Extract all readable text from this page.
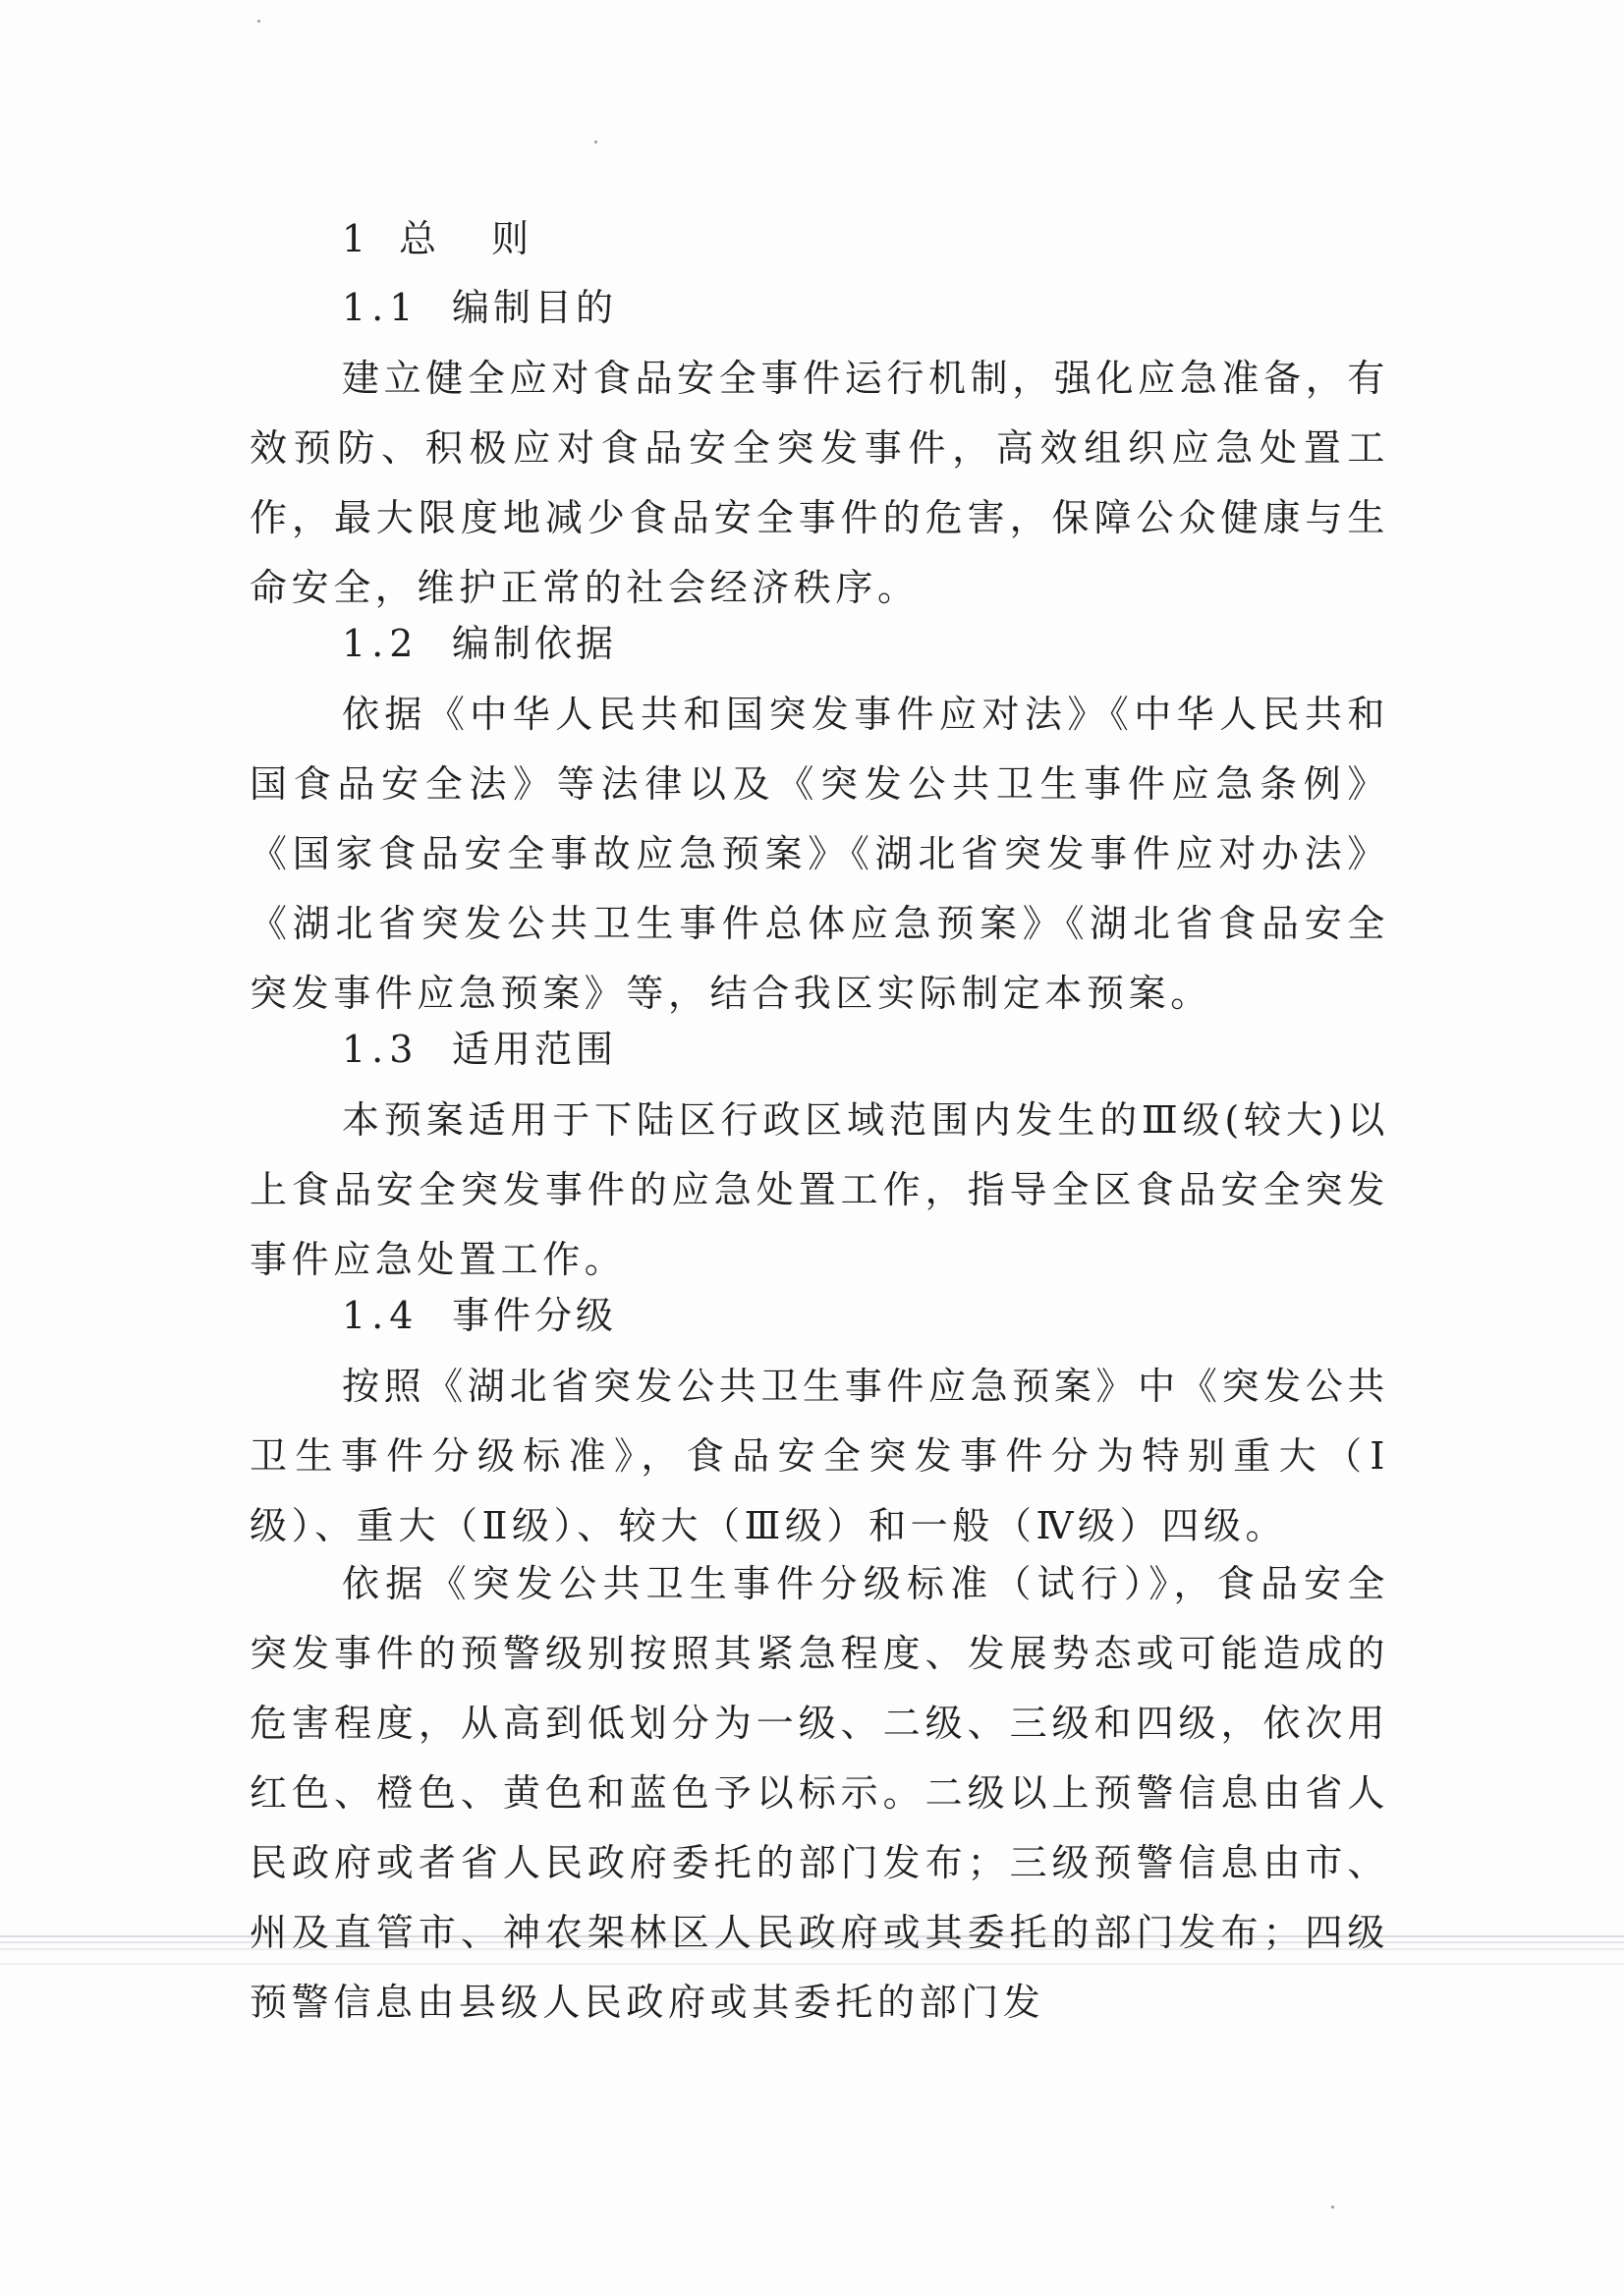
1 总 则
1.1 编制目的

建立健全应对食品安全事件运行机制，强化应急准备，有效预防、积极应对食品安全突发事件，高效组织应急处置工作，最大限度地减少食品安全事件的危害，保障公众健康与生命安全，维护正常的社会经济秩序。

1.2 编制依据

依据《中华人民共和国突发事件应对法》《中华人民共和国食品安全法》等法律以及《突发公共卫生事件应急条例》《国家食品安全事故应急预案》《湖北省突发事件应对办法》《湖北省突发公共卫生事件总体应急预案》《湖北省食品安全突发事件应急预案》等，结合我区实际制定本预案。

1.3 适用范围

本预案适用于下陆区行政区域范围内发生的Ⅲ级(较大)以上食品安全突发事件的应急处置工作，指导全区食品安全突发事件应急处置工作。

1.4 事件分级

按照《湖北省突发公共卫生事件应急预案》中《突发公共卫生事件分级标准》，食品安全突发事件分为特别重大（Ⅰ级）、重大（Ⅱ级）、较大（Ⅲ级）和一般（Ⅳ级）四级。

依据《突发公共卫生事件分级标准（试行）》，食品安全突发事件的预警级别按照其紧急程度、发展势态或可能造成的危害程度，从高到低划分为一级、二级、三级和四级，依次用红色、橙色、黄色和蓝色予以标示。二级以上预警信息由省人民政府或者省人民政府委托的部门发布；三级预警信息由市、州及直管市、神农架林区人民政府或其委托的部门发布；四级预警信息由县级人民政府或其委托的部门发
